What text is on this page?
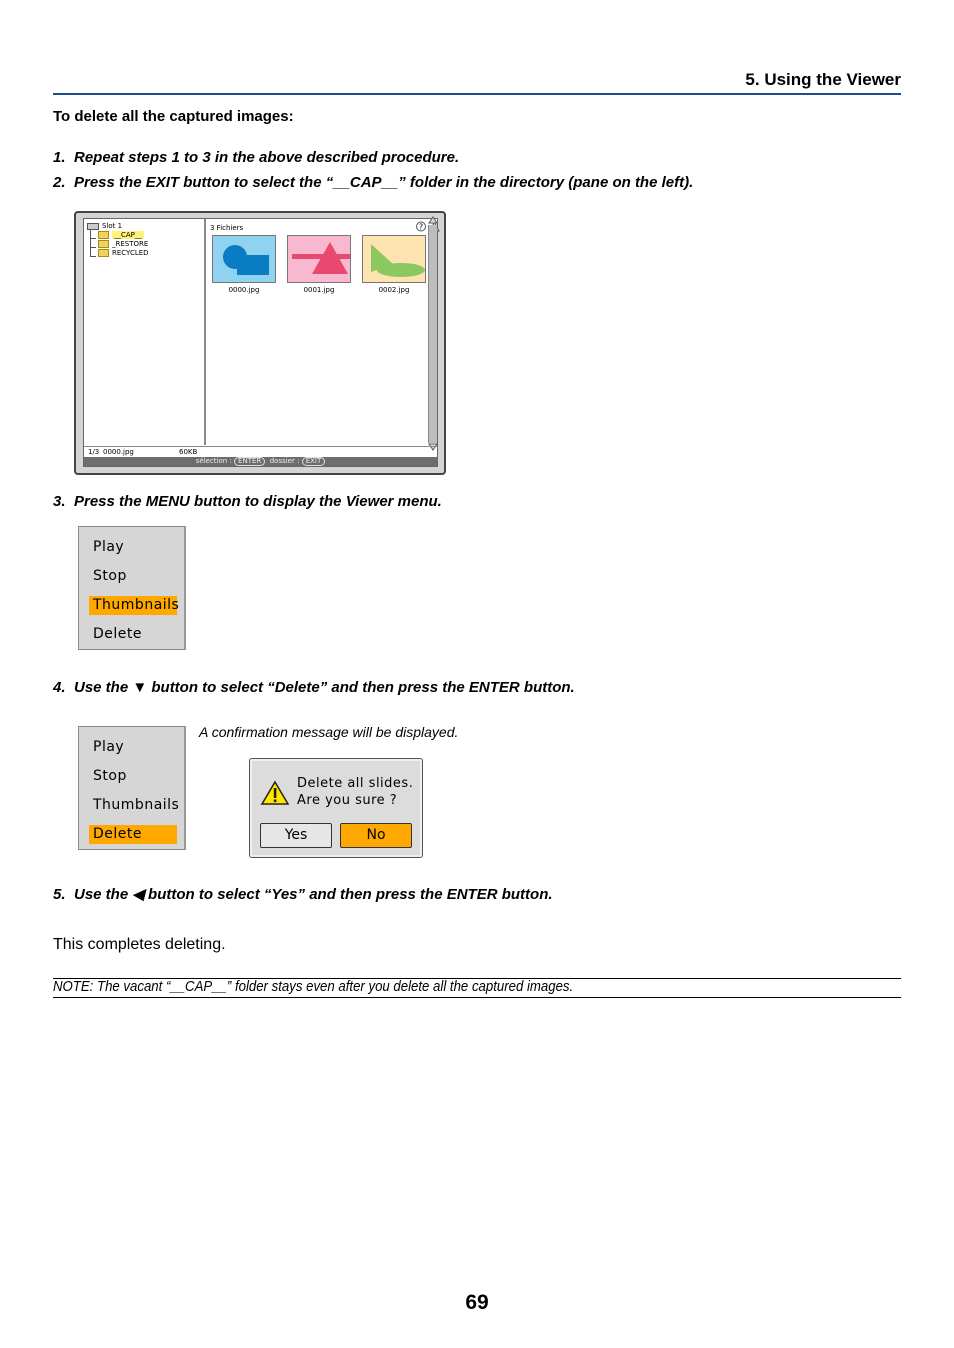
5. Using the Viewer
To delete all the captured images:
1. Repeat steps 1 to 3 in the above described procedure.
2. Press the EXIT button to select the “__CAP__” folder in the directory (pane on the left).
Slot 1
__CAP__
_RESTORE
RECYCLED
3 Fichiers	?
0000.jpg	0001.jpg	0002.jpg
1/3 0000.jpg	60KB
sélection : ENTER dossier : EXIT
3. Press the MENU button to display the Viewer menu.
Play
Stop
Thumbnails
Delete
4. Use the ▼ button to select “Delete” and then press the ENTER button.
Play
Stop
Thumbnails
Delete
A confirmation message will be displayed.
Delete all slides.
Are you sure ?
Yes	No
5. Use the ◀ button to select “Yes” and then press the ENTER button.
This completes deleting.
NOTE: The vacant “__CAP__” folder stays even after you delete all the captured images.
69
